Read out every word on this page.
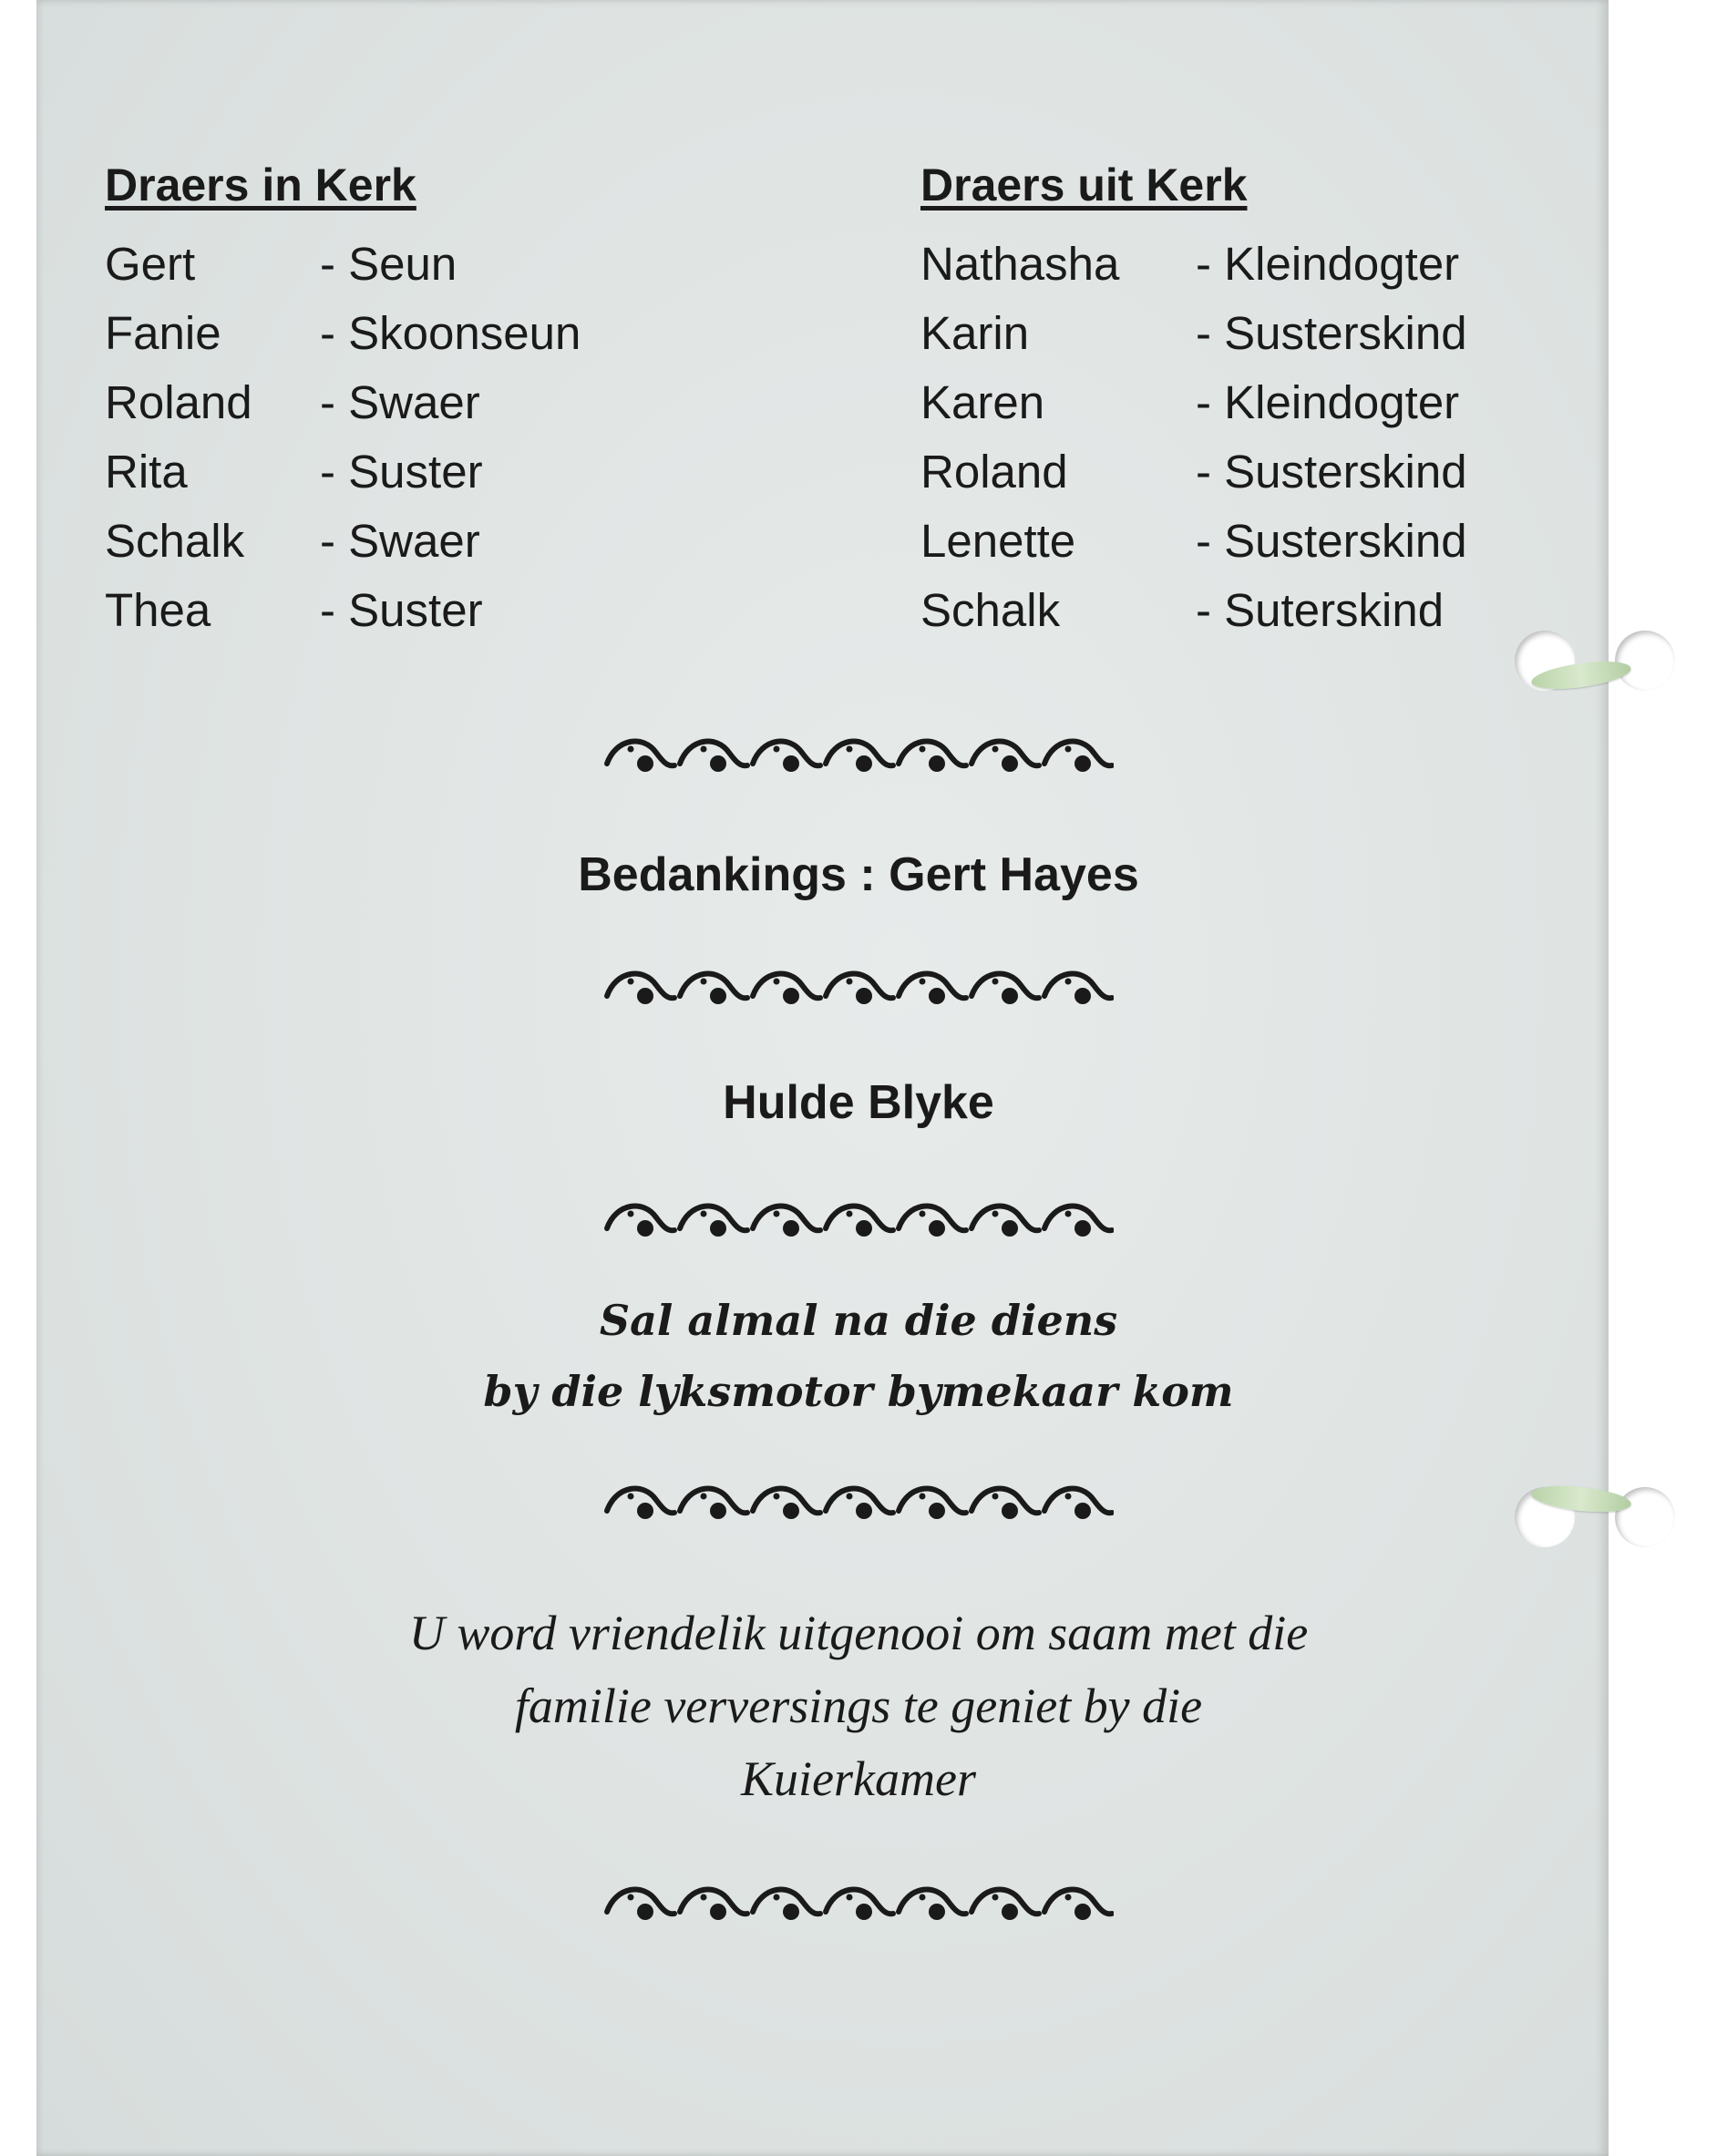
Draers in Kerk
Gert	- Seun
Fanie	- Skoonseun
Roland	- Swaer
Rita	- Suster
Schalk	- Swaer
Thea	- Suster
Draers uit Kerk
Nathasha	- Kleindogter
Karin	- Susterskind
Karen	- Kleindogter
Roland	- Susterskind
Lenette	- Susterskind
Schalk	- Suterskind
Bedankings : Gert Hayes
Hulde Blyke
Sal almal na die diens
by die lyksmotor bymekaar kom
U word vriendelik uitgenooi om saam met die
familie verversings te geniet by die
Kuierkamer
